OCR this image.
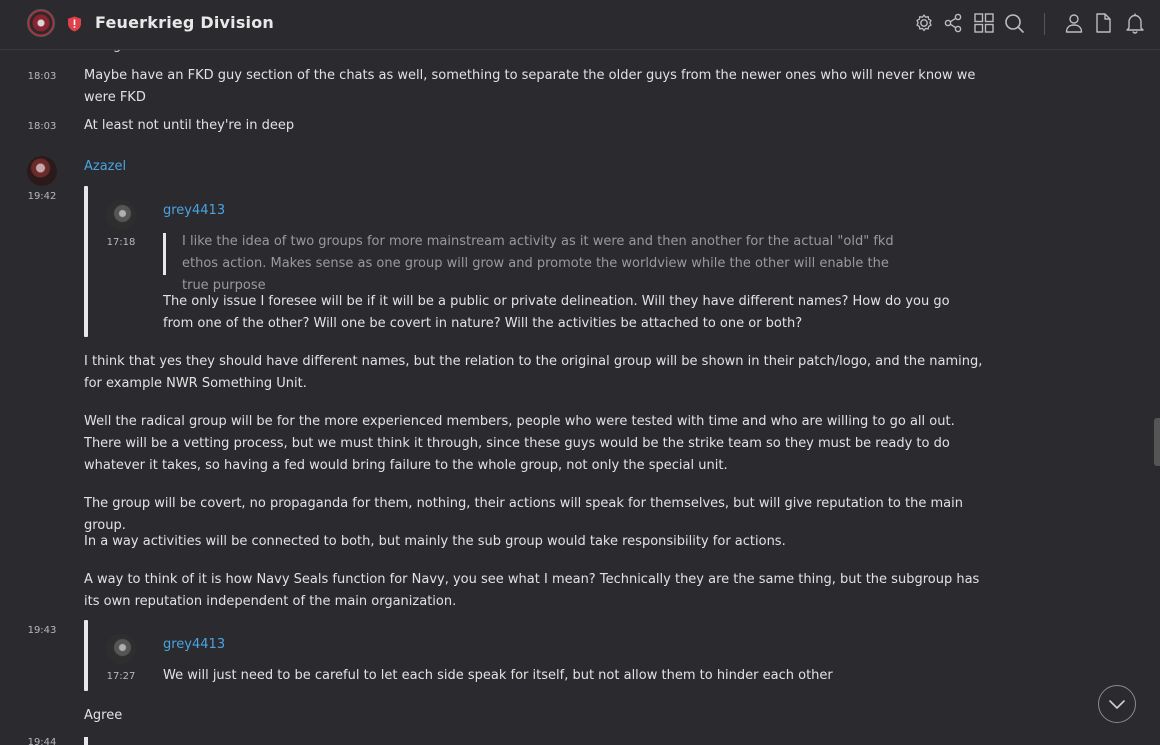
18:03 Maybe have an FKD guy section of the chats as well, something to separate the older guys from the newer ones who will never know we were FKD
18:03 At least not until they're in deep
Azazel
19:42
grey4413
17:18	I like the idea of two groups for more mainstream activity as it were and then another for the actual "old" fkd ethos action. Makes sense as one group will grow and promote the worldview while the other will enable the true purpose
The only issue I foresee will be if it will be a public or private delineation. Will they have different names? How do you go from one of the other? Will one be covert in nature? Will the activities be attached to one or both?
I think that yes they should have different names, but the relation to the original group will be shown in their patch/logo, and the naming, for example NWR Something Unit.
Well the radical group will be for the more experienced members, people who were tested with time and who are willing to go all out. There will be a vetting process, but we must think it through, since these guys would be the strike team so they must be ready to do whatever it takes, so having a fed would bring failure to the whole group, not only the special unit.
The group will be covert, no propaganda for them, nothing, their actions will speak for themselves, but will give reputation to the main group.
In a way activities will be connected to both, but mainly the sub group would take responsibility for actions.
A way to think of it is how Navy Seals function for Navy, you see what I mean? Technically they are the same thing, but the subgroup has its own reputation independent of the main organization.
19:43
grey4413
17:27 We will just need to be careful to let each side speak for itself, but not allow them to hinder each other
Agree
19:44
Feuerkrieg Division
